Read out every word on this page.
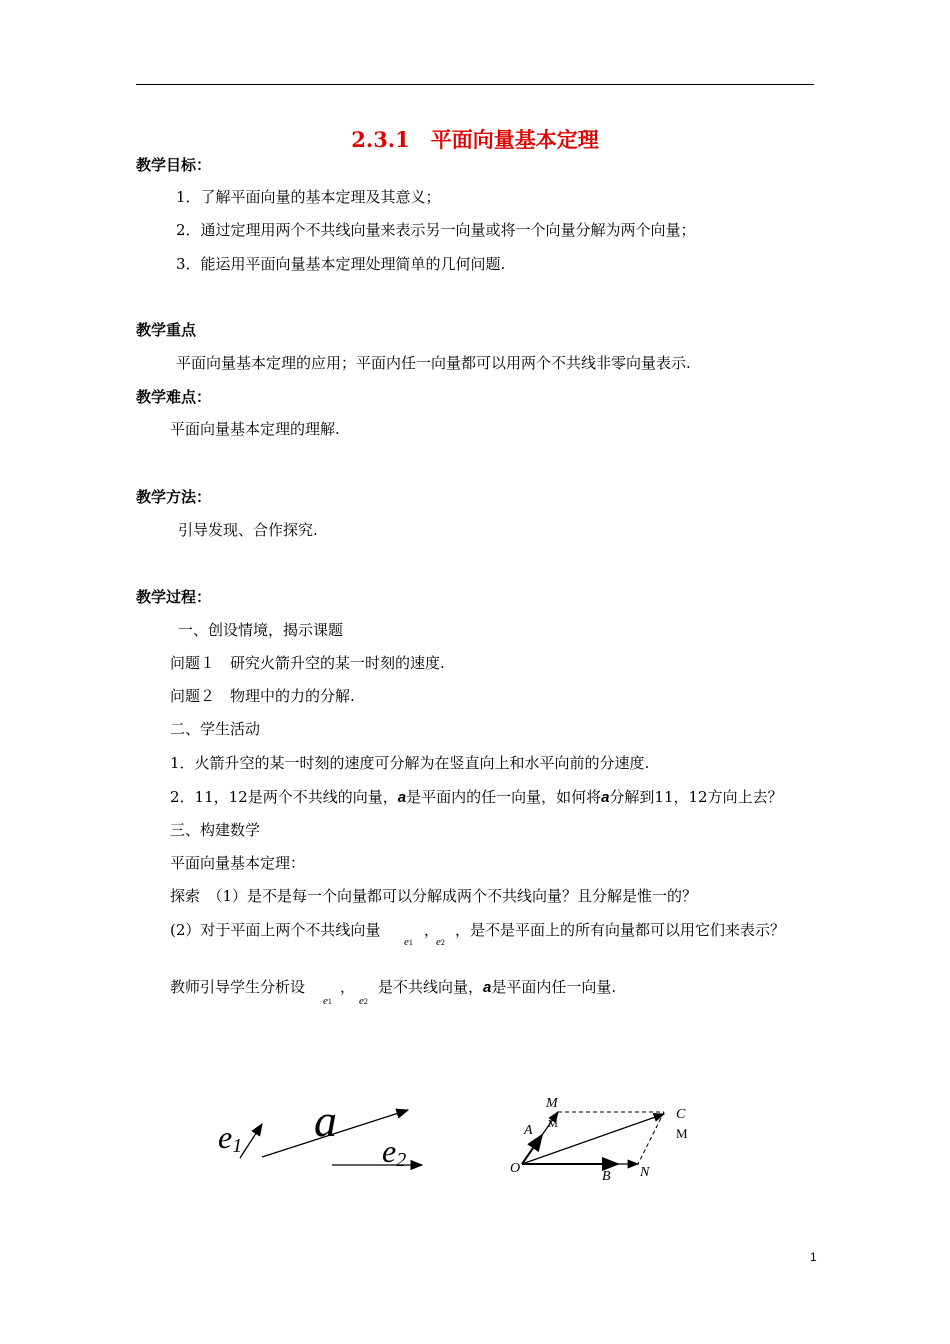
2.3.1　平面向量基本定理
教学目标：
1．了解平面向量的基本定理及其意义；
2．通过定理用两个不共线向量来表示另一向量或将一个向量分解为两个向量；
3．能运用平面向量基本定理处理简单的几何问题.
教学重点
平面向量基本定理的应用；平面内任一向量都可以用两个不共线非零向量表示.
教学难点：
平面向量基本定理的理解.
教学方法：
引导发现、合作探究.
教学过程：
一、创设情境，揭示课题
问题１　研究火箭升空的某一时刻的速度.
问题２　物理中的力的分解.
二、学生活动
1．火箭升空的某一时刻的速度可分解为在竖直向上和水平向前的分速度.
2．11，12是两个不共线的向量，a是平面内的任一向量，如何将a分解到11，12方向上去？
三、构建数学
平面向量基本定理：
探索　（1）是不是每一个向量都可以分解成两个不共线向量？且分解是惟一的？
(2）对于平面上两个不共线向量	， ，是不是平面上的所有向量都可以用它们来表示？
e1 e2
教师引导学生分析设 ， 是不共线向量，a是平面内任一向量.
e1 e2
e1 a
e2
M
A M
C
M
O
B N
1
